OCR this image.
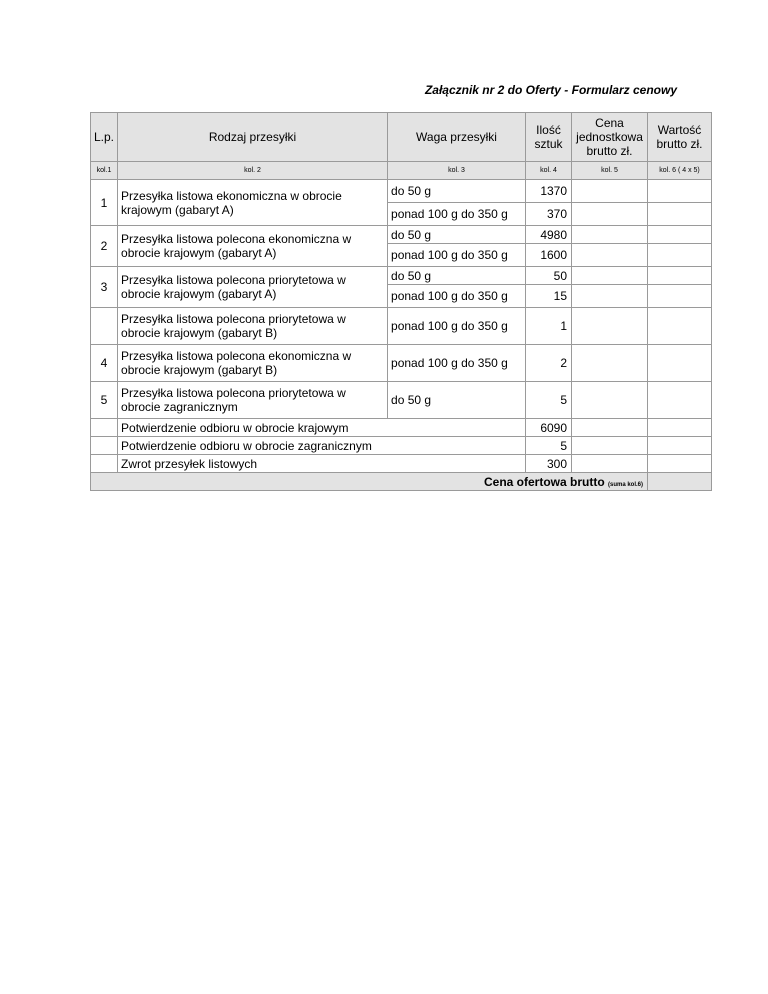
Załącznik nr 2 do Oferty - Formularz cenowy
L.p.	Rodzaj przesyłki	Waga przesyłki	Ilość sztuk	Cena jednostkowa brutto zł.	Wartość brutto zł.
kol.1	kol. 2	kol. 3	kol. 4	kol. 5	kol. 6 ( 4 x 5)
1	Przesyłka listowa ekonomiczna w obrocie krajowym (gabaryt A)	do 50 g	1370		
		ponad 100 g do 350 g	370		
2	Przesyłka listowa polecona ekonomiczna w obrocie krajowym (gabaryt A)	do 50 g	4980		
		ponad 100 g do 350 g	1600		
3	Przesyłka listowa polecona priorytetowa w obrocie krajowym (gabaryt A)	do 50 g	50		
		ponad 100 g do 350 g	15		
	Przesyłka listowa polecona priorytetowa w obrocie krajowym (gabaryt B)	ponad 100 g do 350 g	1		
4	Przesyłka listowa polecona ekonomiczna w obrocie krajowym (gabaryt B)	ponad 100 g do 350 g	2		
5	Przesyłka listowa polecona priorytetowa w obrocie zagranicznym	do 50 g	5		
	Potwierdzenie odbioru w obrocie krajowym		6090		
	Potwierdzenie odbioru w obrocie zagranicznym		5		
	Zwrot przesyłek listowych		300		
Cena ofertowa brutto (suma kol.6)					
